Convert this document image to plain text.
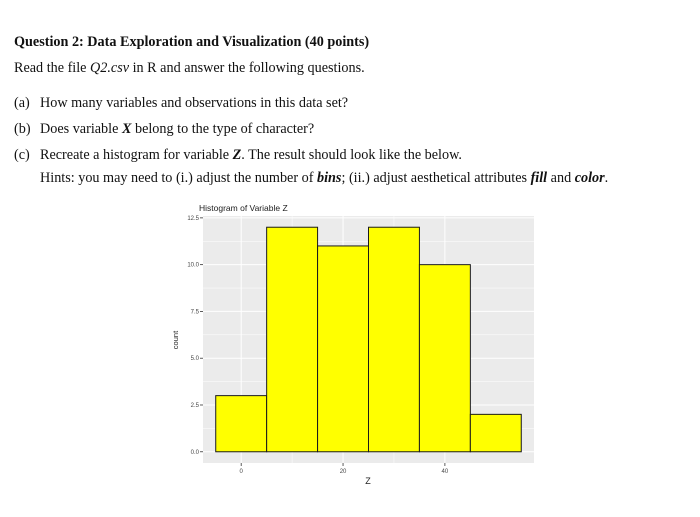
Question 2: Data Exploration and Visualization (40 points)
Read the file Q2.csv in R and answer the following questions.
(a) How many variables and observations in this data set?
(b) Does variable X belong to the type of character?
(c) Recreate a histogram for variable Z. The result should look like the below.
Hints: you may need to (i.) adjust the number of bins; (ii.) adjust aesthetical attributes fill and color.
Histogram of Variable Z
0.0
2.5
5.0
7.5
10.0
12.5
0	20	40
Z
count
